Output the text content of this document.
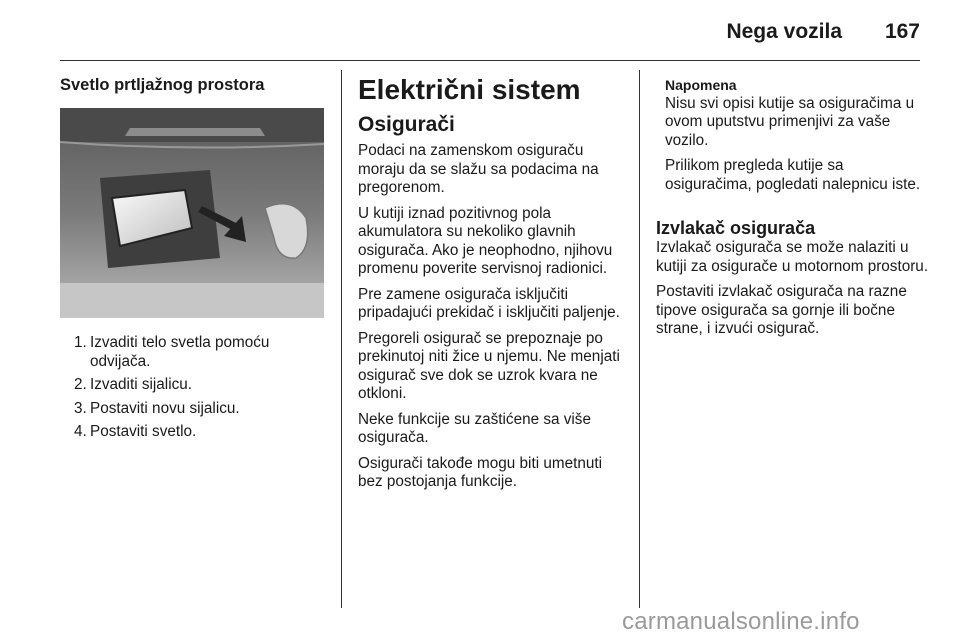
Nega vozila 167
Svetlo prtljažnog prostora
1. Izvaditi telo svetla pomoću odvijača.
2. Izvaditi sijalicu.
3. Postaviti novu sijalicu.
4. Postaviti svetlo.
Električni sistem
Osigurači

Podaci na zamenskom osiguraču moraju da se slažu sa podacima na pregorenom.

U kutiji iznad pozitivnog pola akumulatora su nekoliko glavnih osigurača. Ako je neophodno, njihovu promenu poverite servisnoj radionici.

Pre zamene osigurača isključiti pripadajući prekidač i isključiti paljenje.

Pregoreli osigurač se prepoznaje po prekinutoj niti žice u njemu. Ne menjati osigurač sve dok se uzrok kvara ne otkloni.

Neke funkcije su zaštićene sa više osigurača.

Osigurači takođe mogu biti umetnuti bez postojanja funkcije.

Napomena

Nisu svi opisi kutije sa osiguračima u ovom uputstvu primenjivi za vaše vozilo.

Prilikom pregleda kutije sa osiguračima, pogledati nalepnicu iste.

Izvlakač osigurača

Izvlakač osigurača se može nalaziti u kutiji za osigurače u motornom prostoru.

Postaviti izvlakač osigurača na razne tipove osigurača sa gornje ili bočne strane, i izvući osigurač.

carmanualsonline.info
